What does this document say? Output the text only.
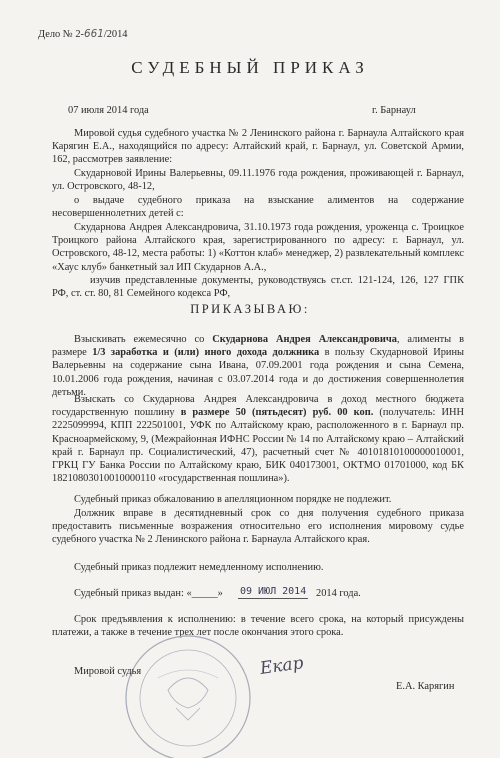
Дело № 2-661/2014
СУДЕБНЫЙ ПРИКАЗ
07 июля 2014 года	г. Барнаул
Мировой судья судебного участка № 2 Ленинского района г. Барнаула Алтайского края Карягин Е.А., находящийся по адресу: Алтайский край, г. Барнаул, ул. Советской Армии, 162, рассмотрев заявление:
Скударновой Ирины Валерьевны, 09.11.1976 года рождения, проживающей г. Барнаул, ул. Островского, 48-12,
о выдаче судебного приказа на взыскание алиментов на содержание несовершеннолетних детей с:
Скударнова Андрея Александровича, 31.10.1973 года рождения, уроженца с. Троицкое Троицкого района Алтайского края, зарегистрированного по адресу: г. Барнаул, ул. Островского, 48-12, места работы: 1) «Коттон клаб» менеджер, 2) развлекательный комплекс «Хаус клуб» банкетный зал ИП Скударнов А.А.,
изучив представленные документы, руководствуясь ст.ст. 121-124, 126, 127 ГПК РФ, ст. ст. 80, 81 Семейного кодекса РФ,
ПРИКАЗЫВАЮ:
Взыскивать ежемесячно со Скударнова Андрея Александровича, алименты в размере 1/3 заработка и (или) иного дохода должника в пользу Скударновой Ирины Валерьевны на содержание сына Ивана, 07.09.2001 года рождения и сына Семена, 10.01.2006 года рождения, начиная с 03.07.2014 года и до достижения совершеннолетия детьми.
Взыскать со Скударнова Андрея Александровича в доход местного бюджета государственную пошлину в размере 50 (пятьдесят) руб. 00 коп. (получатель: ИНН 2225099994, КПП 222501001, УФК по Алтайскому краю, расположенного в г. Барнаул пр. Красноармейскому, 9, (Межрайонная ИФНС России № 14 по Алтайскому краю – Алтайский край г. Барнаул пр. Социалистический, 47), расчетный счет № 40101810100000010001, ГРКЦ ГУ Банка России по Алтайскому краю, БИК 040173001, ОКТМО 01701000, код БК 18210803010010000110 «государственная пошлина»).
Судебный приказ обжалованию в апелляционном порядке не подлежит.
Должник вправе в десятидневный срок со дня получения судебного приказа предоставить письменные возражения относительно его исполнения мировому судье судебного участка № 2 Ленинского района г. Барнаула Алтайского края.
Судебный приказ подлежит немедленному исполнению.
Судебный приказ выдан: «_____» 09 ИЮЛ 2014 2014 года.
Срок предъявления к исполнению: в течение всего срока, на который присуждены платежи, а также в течение трех лет после окончания этого срока.
Мировой судья	Екар
Е.А. Карягин
